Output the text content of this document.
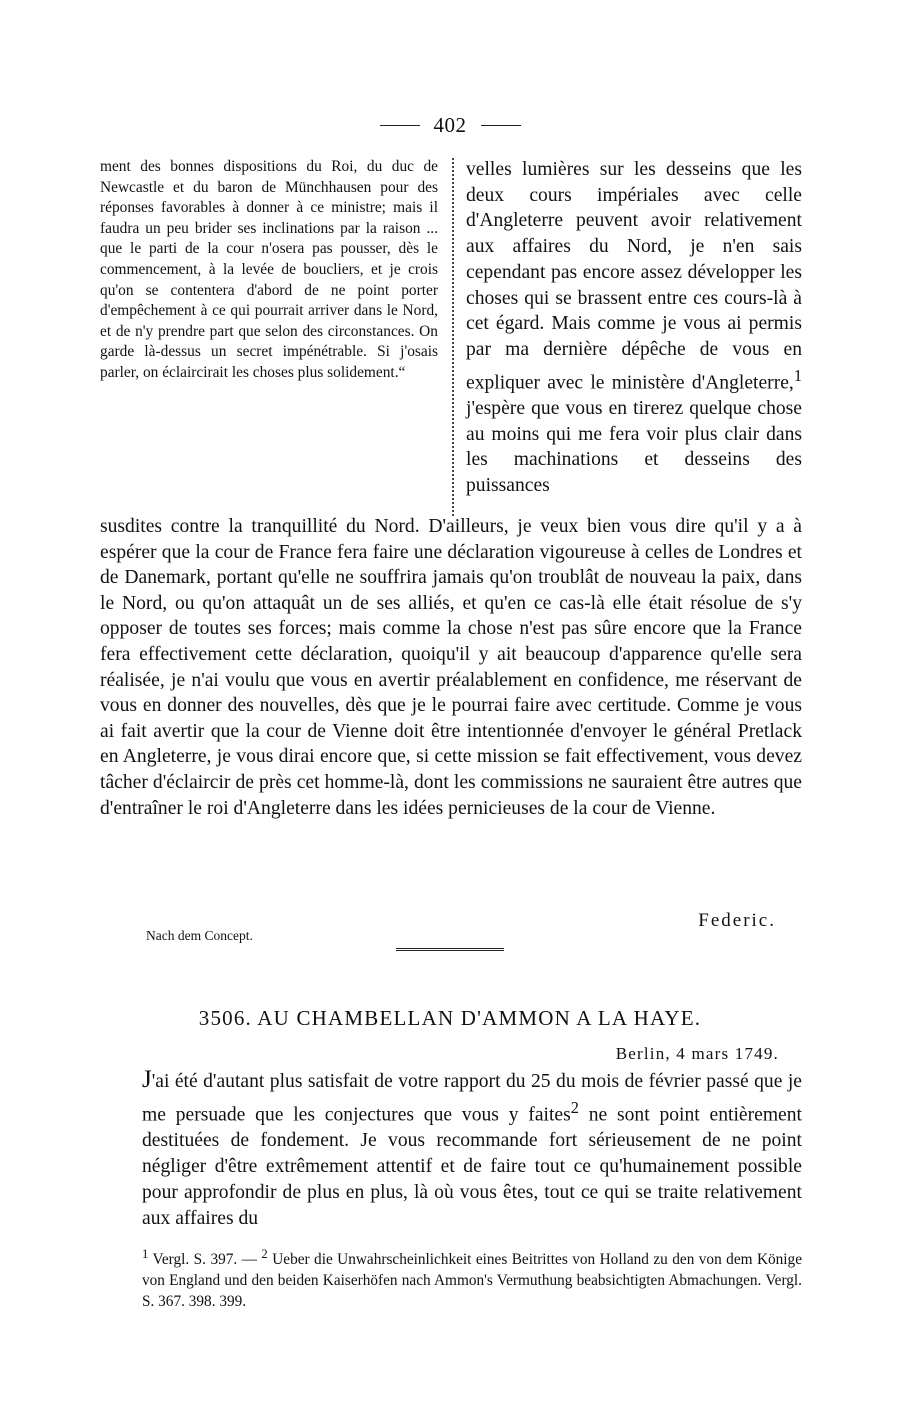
402

ment des bonnes dispositions du Roi, du duc de Newcastle et du baron de Münchhausen pour des réponses favorables à donner à ce ministre; mais il faudra un peu brider ses inclinations par la raison ... que le parti de la cour n'osera pas pousser, dès le commencement, à la levée de boucliers, et je crois qu'on se contentera d'abord de ne point porter d'empêchement à ce qui pourrait arriver dans le Nord, et de n'y prendre part que selon des circonstances. On garde là-dessus un secret impénétrable. Si j'osais parler, on éclaircirait les choses plus solidement.“

velles lumières sur les desseins que les deux cours impériales avec celle d'Angleterre peuvent avoir relativement aux affaires du Nord, je n'en sais cependant pas encore assez développer les choses qui se brassent entre ces cours-là à cet égard. Mais comme je vous ai permis par ma dernière dépêche de vous en expliquer avec le ministère d'Angleterre,$^1$ j'espère que vous en tirerez quelque chose au moins qui me fera voir plus clair dans les machinations et desseins des puissances

susdites contre la tranquillité du Nord. D'ailleurs, je veux bien vous dire qu'il y a à espérer que la cour de France fera faire une déclaration vigoureuse à celles de Londres et de Danemark, portant qu'elle ne souffrira jamais qu'on troublât de nouveau la paix, dans le Nord, ou qu'on attaquât un de ses alliés, et qu'en ce cas-là elle était résolue de s'y opposer de toutes ses forces; mais comme la chose n'est pas sûre encore que la France fera effectivement cette déclaration, quoiqu'il y ait beaucoup d'apparence qu'elle sera réalisée, je n'ai voulu que vous en avertir préalablement en confidence, me réservant de vous en donner des nouvelles, dès que je le pourrai faire avec certitude. Comme je vous ai fait avertir que la cour de Vienne doit être intentionnée d'envoyer le général Pretlack en Angleterre, je vous dirai encore que, si cette mission se fait effectivement, vous devez tâcher d'éclaircir de près cet homme-là, dont les commissions ne sauraient être autres que d'entraîner le roi d'Angleterre dans les idées pernicieuses de la cour de Vienne.

Federic.
Nach dem Concept.
3506. AU CHAMBELLAN D'AMMON A LA HAYE.
Berlin, 4 mars 1749.

J'ai été d'autant plus satisfait de votre rapport du 25 du mois de février passé que je me persuade que les conjectures que vous y faites$^2$ ne sont point entièrement destituées de fondement. Je vous recommande fort sérieusement de ne point négliger d'être extrêmement attentif et de faire tout ce qu'humainement possible pour approfondir de plus en plus, là où vous êtes, tout ce qui se traite relativement aux affaires du

$^1$ Vergl. S. 397. — $^2$ Ueber die Unwahrscheinlichkeit eines Beitrittes von Holland zu den von dem Könige von England und den beiden Kaiserhöfen nach Ammon's Vermuthung beabsichtigten Abmachungen. Vergl. S. 367. 398. 399.
